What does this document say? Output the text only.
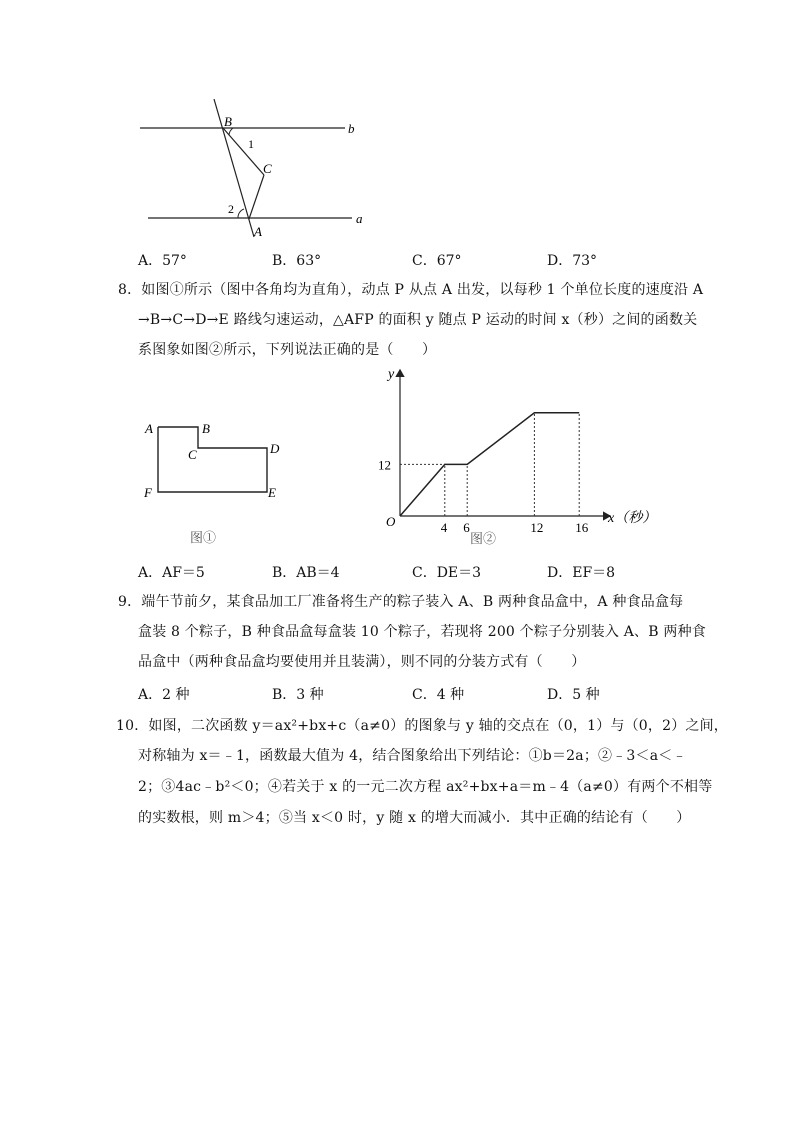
B
1
C
2
A
b
a
A．57°	B．63°	C．67°	D．73°
8．如图①所示（图中各角均为直角），动点 P 从点 A 出发，以每秒 1 个单位长度的速度沿 A
→B→C→D→E 路线匀速运动，△AFP 的面积 y 随点 P 运动的时间 x（秒）之间的函数关
系图象如图②所示，下列说法正确的是（　　）
A	B
C	D
E
F
图①
4 6	12 16
12
y
x（秒）
O
图②
A．AF＝5	B．AB＝4	C．DE＝3	D．EF＝8
9．端午节前夕，某食品加工厂准备将生产的粽子装入 A、B 两种食品盒中，A 种食品盒每
盒装 8 个粽子，B 种食品盒每盒装 10 个粽子，若现将 200 个粽子分别装入 A、B 两种食
品盒中（两种食品盒均要使用并且装满），则不同的分装方式有（　　）
A．2 种	B．3 种	C．4 种	D．5 种
10．如图，二次函数 y＝ax²+bx+c（a≠0）的图象与 y 轴的交点在（0，1）与（0，2）之间，
对称轴为 x＝﹣1，函数最大值为 4，结合图象给出下列结论：①b＝2a；②﹣3＜a＜﹣
2；③4ac﹣b²＜0；④若关于 x 的一元二次方程 ax²+bx+a＝m﹣4（a≠0）有两个不相等
的实数根，则 m＞4；⑤当 x＜0 时，y 随 x 的增大而减小．其中正确的结论有（　　）
